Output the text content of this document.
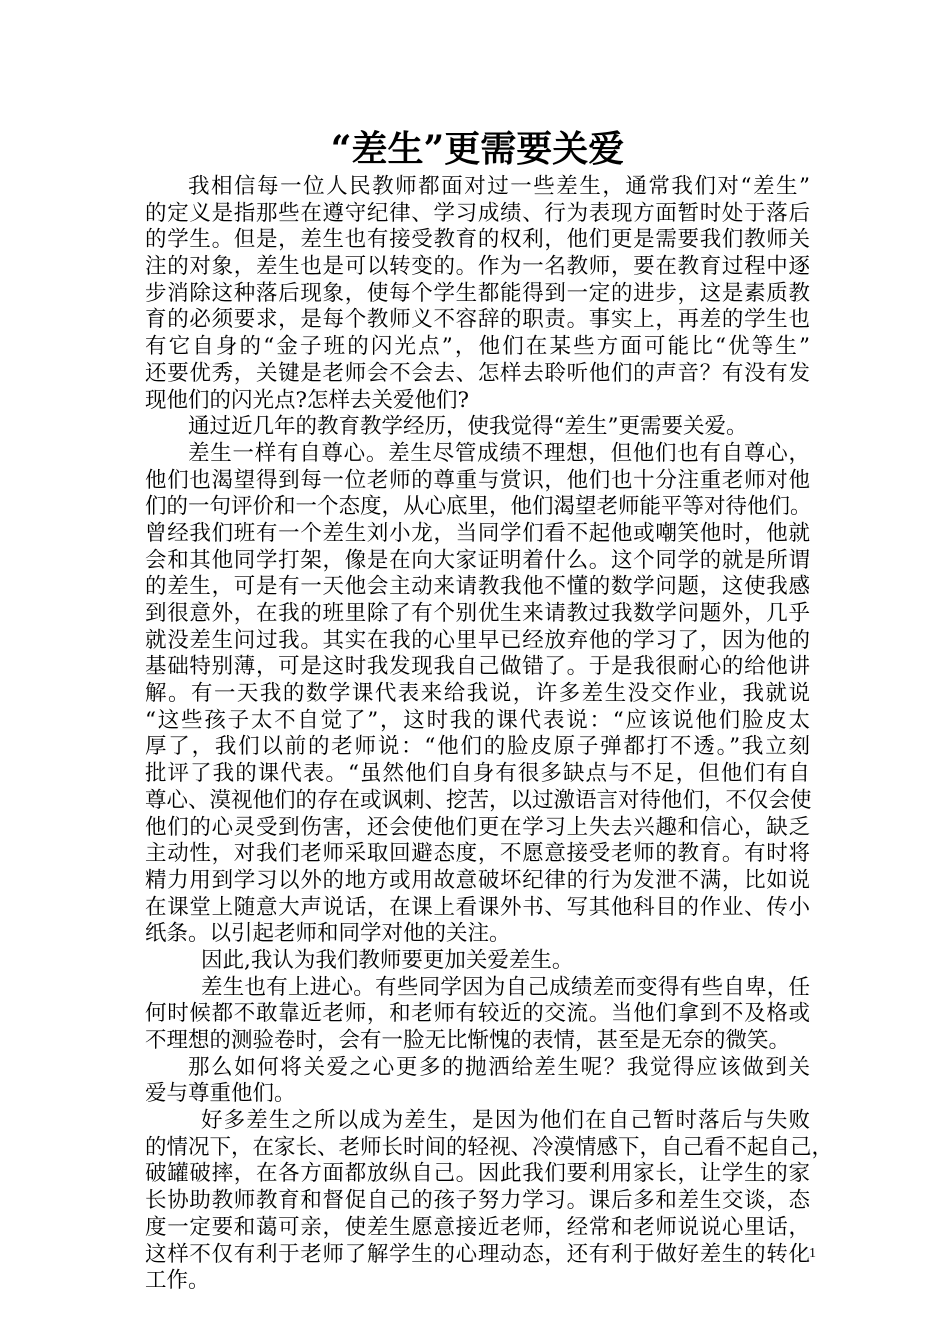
“差生”更需要关爱
我相信每一位人民教师都面对过一些差生，通常我们对“差生”
的定义是指那些在遵守纪律、学习成绩、行为表现方面暂时处于落后
的学生。但是，差生也有接受教育的权利，他们更是需要我们教师关
注的对象，差生也是可以转变的。作为一名教师，要在教育过程中逐
步消除这种落后现象，使每个学生都能得到一定的进步，这是素质教
育的必须要求，是每个教师义不容辞的职责。事实上，再差的学生也
有它自身的“金子班的闪光点”，他们在某些方面可能比“优等生”
还要优秀，关键是老师会不会去、怎样去聆听他们的声音？有没有发
现他们的闪光点?怎样去关爱他们?
通过近几年的教育教学经历，使我觉得“差生”更需要关爱。
差生一样有自尊心。差生尽管成绩不理想，但他们也有自尊心，
他们也渴望得到每一位老师的尊重与赏识，他们也十分注重老师对他
们的一句评价和一个态度，从心底里，他们渴望老师能平等对待他们。
曾经我们班有一个差生刘小龙，当同学们看不起他或嘲笑他时，他就
会和其他同学打架，像是在向大家证明着什么。这个同学的就是所谓
的差生，可是有一天他会主动来请教我他不懂的数学问题，这使我感
到很意外，在我的班里除了有个别优生来请教过我数学问题外，几乎
就没差生问过我。其实在我的心里早已经放弃他的学习了，因为他的
基础特别薄，可是这时我发现我自己做错了。于是我很耐心的给他讲
解。有一天我的数学课代表来给我说，许多差生没交作业，我就说
“这些孩子太不自觉了”，这时我的课代表说：“应该说他们脸皮太
厚了，我们以前的老师说：“他们的脸皮原子弹都打不透。”我立刻
批评了我的课代表。“虽然他们自身有很多缺点与不足，但他们有自
尊心、漠视他们的存在或讽刺、挖苦，以过激语言对待他们，不仅会使
他们的心灵受到伤害，还会使他们更在学习上失去兴趣和信心，缺乏
主动性，对我们老师采取回避态度，不愿意接受老师的教育。有时将
精力用到学习以外的地方或用故意破坏纪律的行为发泄不满，比如说
在课堂上随意大声说话，在课上看课外书、写其他科目的作业、传小
纸条。以引起老师和同学对他的关注。
因此,我认为我们教师要更加关爱差生。
差生也有上进心。有些同学因为自己成绩差而变得有些自卑，任
何时候都不敢靠近老师，和老师有较近的交流。当他们拿到不及格或
不理想的测验卷时，会有一脸无比惭愧的表情，甚至是无奈的微笑。
那么如何将关爱之心更多的抛洒给差生呢？我觉得应该做到关
爱与尊重他们。
好多差生之所以成为差生，是因为他们在自己暂时落后与失败
的情况下，在家长、老师长时间的轻视、冷漠情感下，自己看不起自己，
破罐破摔，在各方面都放纵自己。因此我们要利用家长，让学生的家
长协助教师教育和督促自己的孩子努力学习。课后多和差生交谈，态
度一定要和蔼可亲，使差生愿意接近老师，经常和老师说说心里话，
这样不仅有利于老师了解学生的心理动态，还有利于做好差生的转化
工作。
1
